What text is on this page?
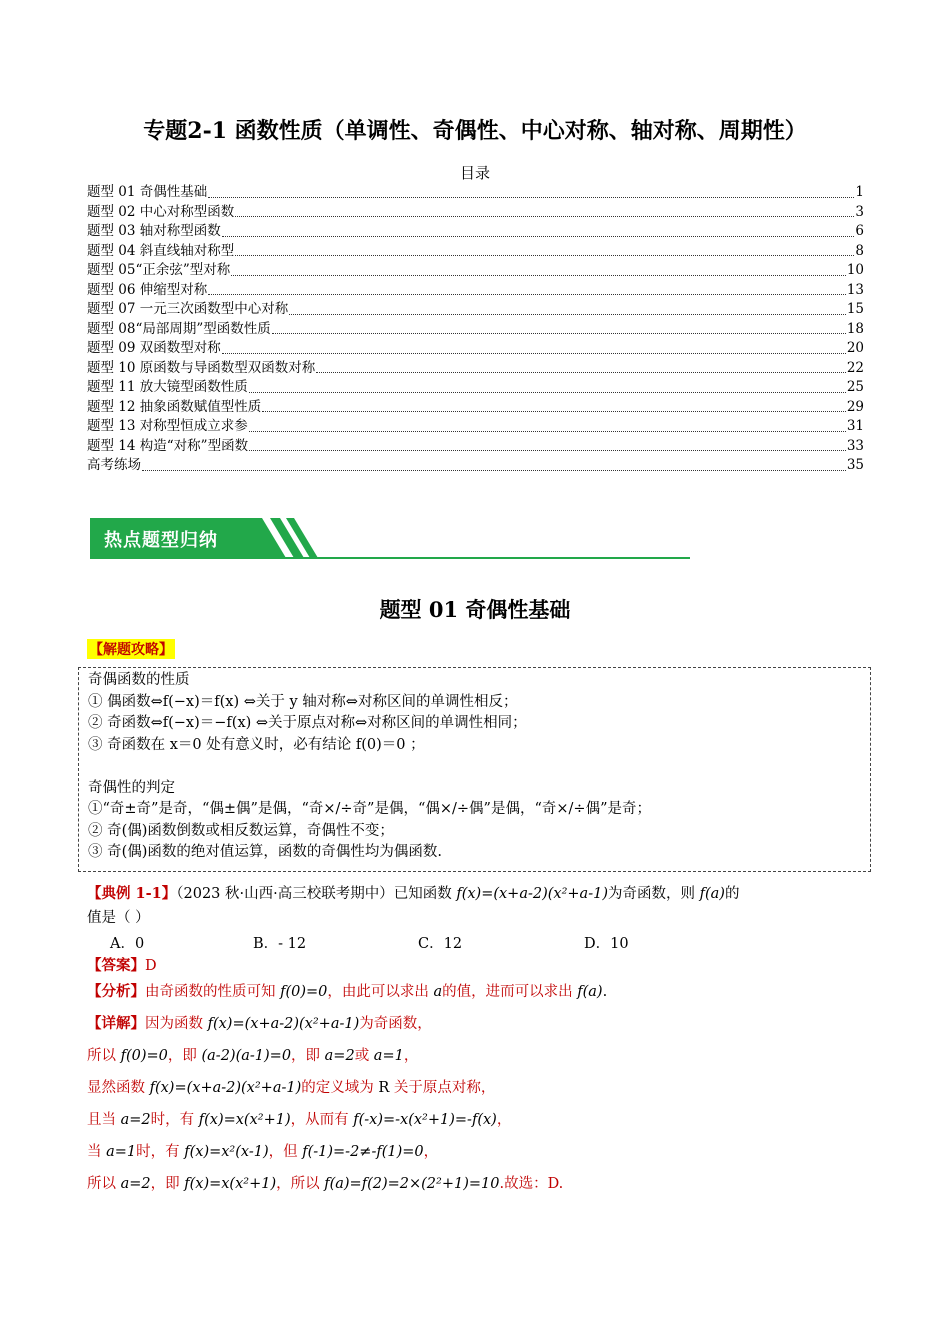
专题2-1 函数性质（单调性、奇偶性、中心对称、轴对称、周期性）
目录
题型 01 奇偶性基础	1
题型 02 中心对称型函数	3
题型 03 轴对称型函数	6
题型 04 斜直线轴对称型	8
题型 05“正余弦”型对称	10
题型 06 伸缩型对称	13
题型 07 一元三次函数型中心对称	15
题型 08“局部周期”型函数性质	18
题型 09 双函数型对称	20
题型 10 原函数与导函数型双函数对称	22
题型 11 放大镜型函数性质	25
题型 12 抽象函数赋值型性质	29
题型 13 对称型恒成立求参	31
题型 14 构造“对称”型函数	33
高考练场	35
热点题型归纳
题型 01 奇偶性基础
【解题攻略】
奇偶函数的性质
① 偶函数⇔f(−x)＝f(x) ⇔关于 y 轴对称⇔对称区间的单调性相反；
② 奇函数⇔f(−x)＝−f(x) ⇔关于原点对称⇔对称区间的单调性相同；
③ 奇函数在 x＝0 处有意义时，必有结论 f(0)＝0 ；
奇偶性的判定
①“奇±奇”是奇，“偶±偶”是偶，“奇×/÷奇”是偶，“偶×/÷偶”是偶，“奇×/÷偶”是奇；
② 奇(偶)函数倒数或相反数运算，奇偶性不变；
③ 奇(偶)函数的绝对值运算，函数的奇偶性均为偶函数.
【典例 1-1】（2023 秋·山西·高三校联考期中）已知函数 f(x)=(x+a-2)(x²+a-1)为奇函数，则 f(a)的
值是（ ）
A．0	B．- 12	C．12	D．10
【答案】D
【分析】由奇函数的性质可知 f(0)=0，由此可以求出 a的值，进而可以求出 f(a).
【详解】因为函数 f(x)=(x+a-2)(x²+a-1)为奇函数，
所以 f(0)=0，即 (a-2)(a-1)=0，即 a=2或 a=1，
显然函数 f(x)=(x+a-2)(x²+a-1)的定义域为 R 关于原点对称，
且当 a=2时，有 f(x)=x(x²+1)，从而有 f(-x)=-x(x²+1)=-f(x)，
当 a=1时，有 f(x)=x²(x-1)，但 f(-1)=-2≠-f(1)=0，
所以 a=2，即 f(x)=x(x²+1)，所以 f(a)=f(2)=2×(2²+1)=10.故选：D.
